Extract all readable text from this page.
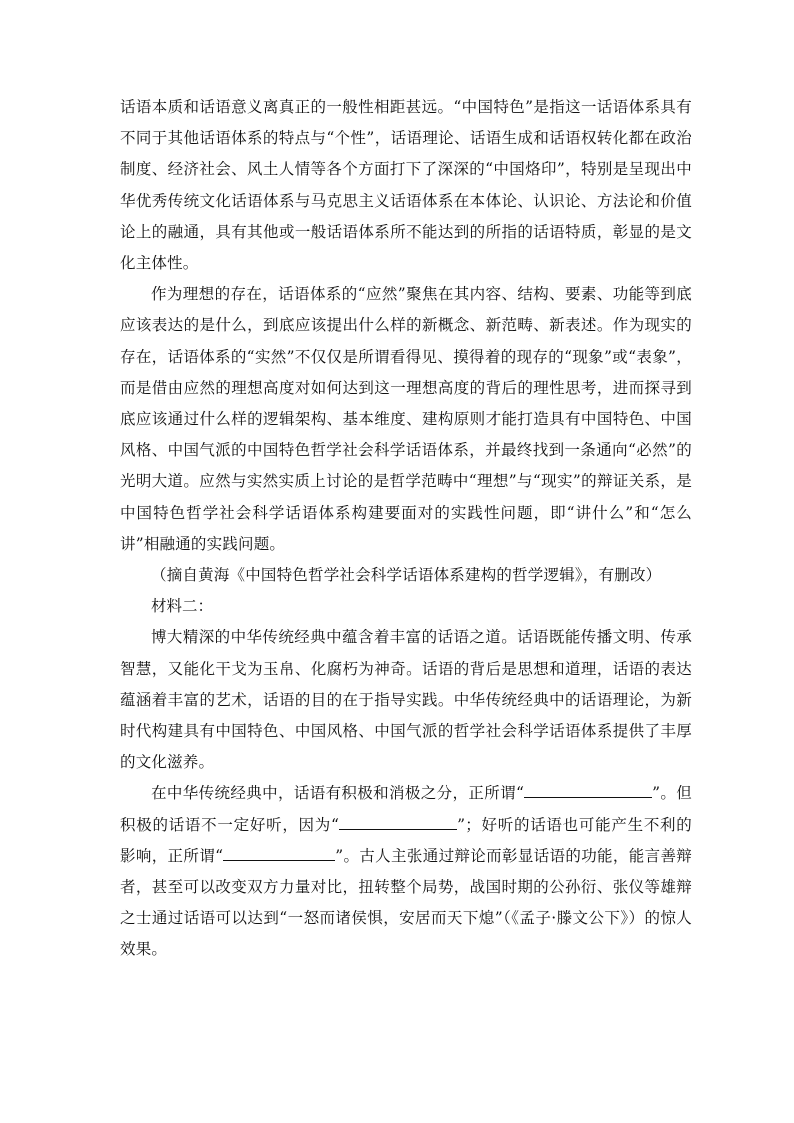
话语本质和话语意义离真正的一般性相距甚远。“中国特色”是指这一话语体系具有不同于其他话语体系的特点与“个性”，话语理论、话语生成和话语权转化都在政治制度、经济社会、风土人情等各个方面打下了深深的“中国烙印”，特别是呈现出中华优秀传统文化话语体系与马克思主义话语体系在本体论、认识论、方法论和价值论上的融通，具有其他或一般话语体系所不能达到的所指的话语特质，彰显的是文化主体性。

作为理想的存在，话语体系的“应然”聚焦在其内容、结构、要素、功能等到底应该表达的是什么，到底应该提出什么样的新概念、新范畴、新表述。作为现实的存在，话语体系的“实然”不仅仅是所谓看得见、摸得着的现存的“现象”或“表象”，而是借由应然的理想高度对如何达到这一理想高度的背后的理性思考，进而探寻到底应该通过什么样的逻辑架构、基本维度、建构原则才能打造具有中国特色、中国风格、中国气派的中国特色哲学社会科学话语体系，并最终找到一条通向“必然”的光明大道。应然与实然实质上讨论的是哲学范畴中“理想”与“现实”的辩证关系，是中国特色哲学社会科学话语体系构建要面对的实践性问题，即“讲什么”和“怎么讲”相融通的实践问题。

（摘自黄海《中国特色哲学社会科学话语体系建构的哲学逻辑》，有删改）

材料二：

博大精深的中华传统经典中蕴含着丰富的话语之道。话语既能传播文明、传承智慧，又能化干戈为玉帛、化腐朽为神奇。话语的背后是思想和道理，话语的表达蕴涵着丰富的艺术，话语的目的在于指导实践。中华传统经典中的话语理论，为新时代构建具有中国特色、中国风格、中国气派的哲学社会科学话语体系提供了丰厚的文化滋养。

在中华传统经典中，话语有积极和消极之分，正所谓“	”。但积极的话语不一定好听，因为“	”；好听的话语也可能产生不利的影响，正所谓“	”。古人主张通过辩论而彰显话语的功能，能言善辩者，甚至可以改变双方力量对比，扭转整个局势，战国时期的公孙衍、张仪等雄辩之士通过话语可以达到“一怒而诸侯惧，安居而天下熄”（《孟子·滕文公下》）的惊人效果。
